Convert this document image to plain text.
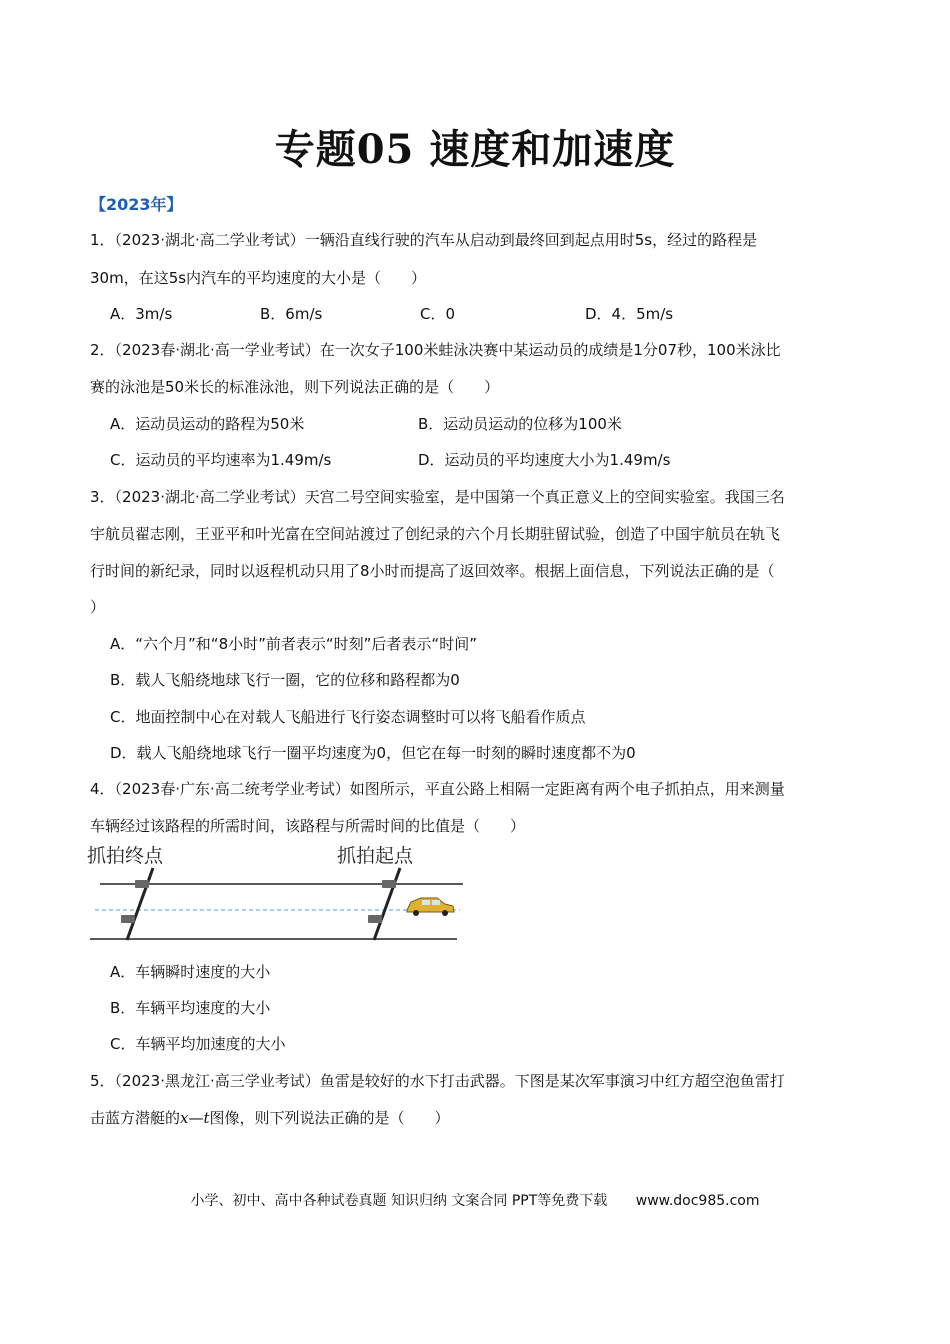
专题05 速度和加速度
【2023年】
1．（2023·湖北·高二学业考试）一辆沿直线行驶的汽车从启动到最终回到起点用时5s，经过的路程是
30m，在这5s内汽车的平均速度的大小是（　　）
A．3m/s	B．6m/s	C．0	D．4．5m/s
2．（2023春·湖北·高一学业考试）在一次女子100米蛙泳决赛中某运动员的成绩是1分07秒，100米泳比
赛的泳池是50米长的标准泳池，则下列说法正确的是（　　）
A．运动员运动的路程为50米	B．运动员运动的位移为100米
C．运动员的平均速率为1.49m/s	D．运动员的平均速度大小为1.49m/s
3．（2023·湖北·高二学业考试）天宫二号空间实验室，是中国第一个真正意义上的空间实验室。我国三名
宇航员翟志刚，王亚平和叶光富在空间站渡过了创纪录的六个月长期驻留试验，创造了中国宇航员在轨飞
行时间的新纪录，同时以返程机动只用了8小时而提高了返回效率。根据上面信息，下列说法正确的是（
）
A．“六个月”和“8小时”前者表示“时刻”后者表示“时间”
B．载人飞船绕地球飞行一圈，它的位移和路程都为0
C．地面控制中心在对载人飞船进行飞行姿态调整时可以将飞船看作质点
D．载人飞船绕地球飞行一圈平均速度为0，但它在每一时刻的瞬时速度都不为0
4．（2023春·广东·高二统考学业考试）如图所示，平直公路上相隔一定距离有两个电子抓拍点，用来测量
车辆经过该路程的所需时间，该路程与所需时间的比值是（　　）
抓拍终点	抓拍起点
A．车辆瞬时速度的大小
B．车辆平均速度的大小
C．车辆平均加速度的大小
5．（2023·黑龙江·高三学业考试）鱼雷是较好的水下打击武器。下图是某次军事演习中红方超空泡鱼雷打
击蓝方潜艇的x—t图像，则下列说法正确的是（　　）
小学、初中、高中各种试卷真题 知识归纳 文案合同 PPT等免费下载 www.doc985.com
